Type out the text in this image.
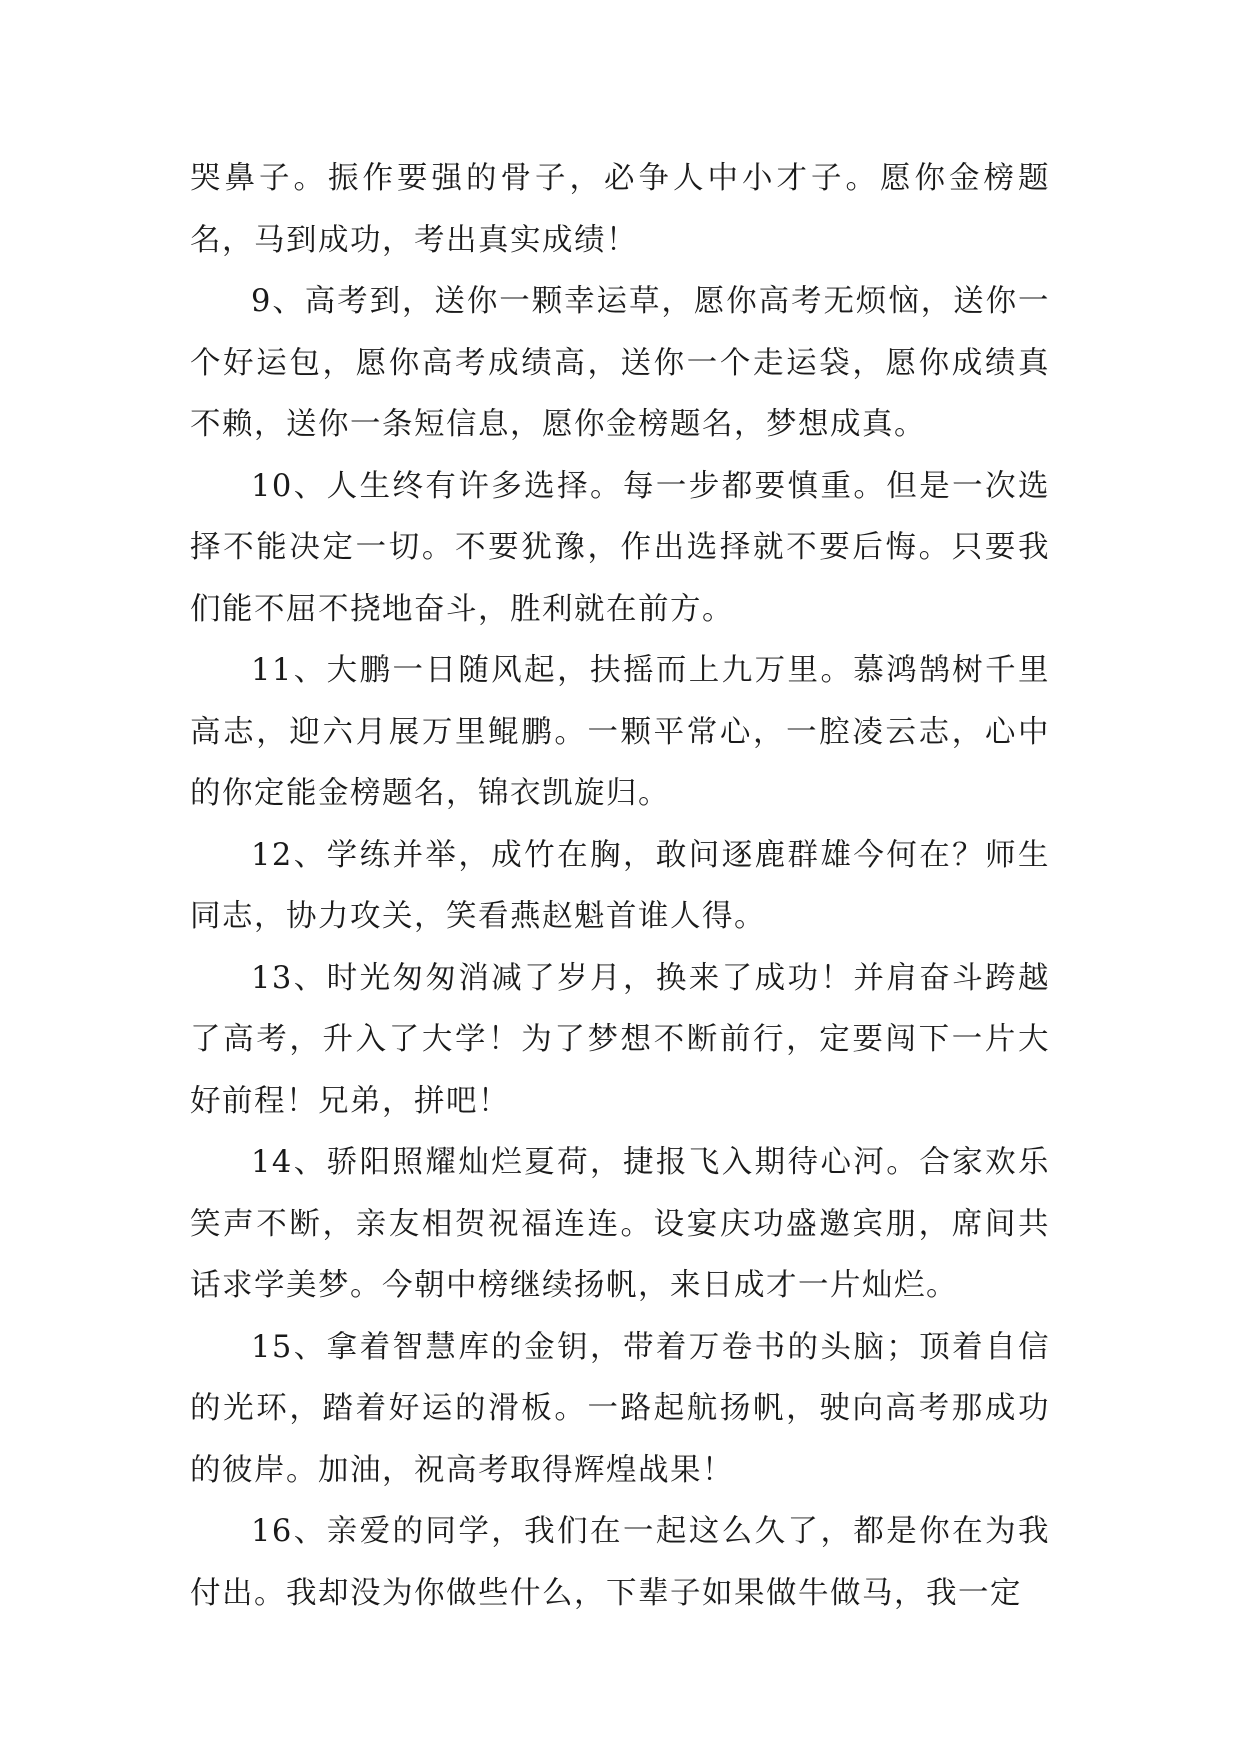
哭鼻子。振作要强的骨子，必争人中小才子。愿你金榜题名，马到成功，考出真实成绩！

9、高考到，送你一颗幸运草，愿你高考无烦恼，送你一个好运包，愿你高考成绩高，送你一个走运袋，愿你成绩真不赖，送你一条短信息，愿你金榜题名，梦想成真。

10、人生终有许多选择。每一步都要慎重。但是一次选择不能决定一切。不要犹豫，作出选择就不要后悔。只要我们能不屈不挠地奋斗，胜利就在前方。

11、大鹏一日随风起，扶摇而上九万里。慕鸿鹄树千里高志，迎六月展万里鲲鹏。一颗平常心，一腔凌云志，心中的你定能金榜题名，锦衣凯旋归。

12、学练并举，成竹在胸，敢问逐鹿群雄今何在？师生同志，协力攻关，笑看燕赵魁首谁人得。

13、时光匆匆消减了岁月，换来了成功！并肩奋斗跨越了高考，升入了大学！为了梦想不断前行，定要闯下一片大好前程！兄弟，拼吧！

14、骄阳照耀灿烂夏荷，捷报飞入期待心河。合家欢乐笑声不断，亲友相贺祝福连连。设宴庆功盛邀宾朋，席间共话求学美梦。今朝中榜继续扬帆，来日成才一片灿烂。

15、拿着智慧库的金钥，带着万卷书的头脑；顶着自信的光环，踏着好运的滑板。一路起航扬帆，驶向高考那成功的彼岸。加油，祝高考取得辉煌战果！

16、亲爱的同学，我们在一起这么久了，都是你在为我付出。我却没为你做些什么，下辈子如果做牛做马，我一定
